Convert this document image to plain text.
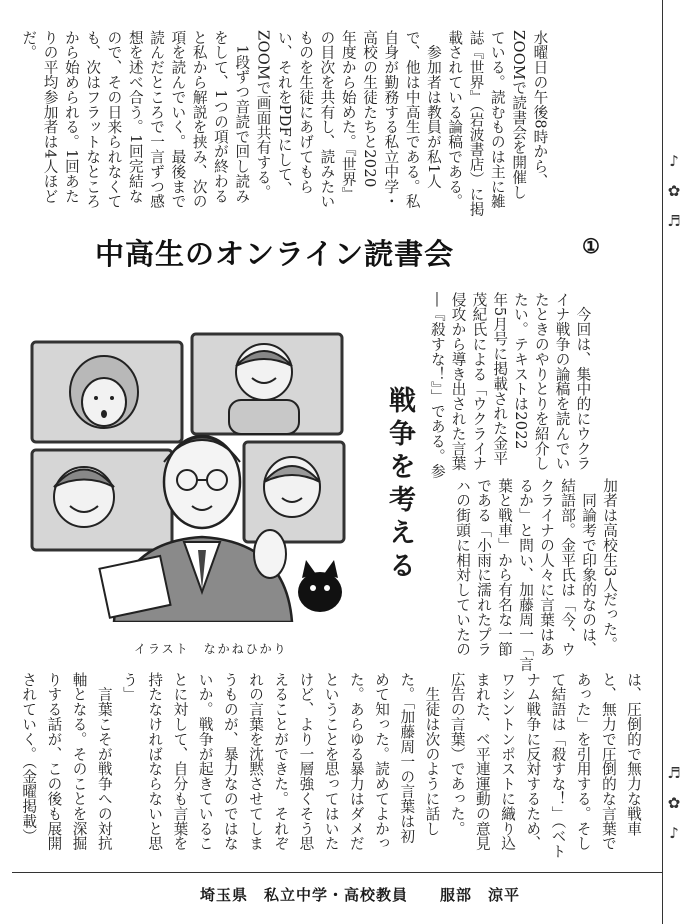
水曜日の午後8時から、
ZOOMで読書会を開催し
ている。読むものは主に雑
誌『世界』（岩波書店）に掲
載されている論稿である。
　参加者は教員が私1人
で、他は中高生である。私
自身が勤務する私立中学・
高校の生徒たちと2020
年度から始めた。『世界』
の目次を共有し、読みたい
ものを生徒にあげてもら
い、それをPDFにして、
ZOOMで画面共有する。
　1段ずつ音読で回し読み
をして、1つの項が終わる
と私から解説を挟み、次の
項を読んでいく。最後まで
読んだところで一言ずつ感
想を述べ合う。1回完結な
ので、その日来られなくて
も、次はフラットなところ
から始められる。1回あた
りの平均参加者は4人ほど
だ。
中高生のオンライン読書会	①
　今回は、集中的にウクラ
イナ戦争の論稿を読んでい
たときのやりとりを紹介し
たい。テキストは2022
年5月号に掲載された金平
茂紀氏による「ウクライナ
侵攻から導き出された言葉
―『殺すな！』」である。参
戦争を考える
イラスト　なかねひかり	加者は高校生3人だった。
　同論考で印象的なのは、
結語部。金平氏は「今、ウ
クライナの人々に言葉はあ
るか」と問い、加藤周一「言
葉と戦車」から有名な一節
である「小雨に濡れたプラ
ハの街頭に相対していたの
は、圧倒的で無力な戦車
と、無力で圧倒的な言葉で
あった」を引用する。そし
て結語は「殺すな！」（ベト
ナム戦争に反対するため、
ワシントンポストに織り込
まれた、ベ平連運動の意見
広告の言葉）であった。
　生徒は次のように話し
た。「加藤周一の言葉は初
めて知った。読めてよかっ
た。あらゆる暴力はダメだ
ということを思ってはいた
けど、より一層強くそう思
えることができた。それぞ
れの言葉を沈黙させてしま
うものが、暴力なのではな
いか。戦争が起きているこ
とに対して、自分も言葉を
持たなければならないと思
う」
　言葉こそが戦争への対抗
軸となる。そのことを深掘
りする話が、この後も展開
されていく。（金曜掲載）
埼玉県　私立中学・高校教員　　服部　涼平
♪
✿
♬
♬
✿
♪
